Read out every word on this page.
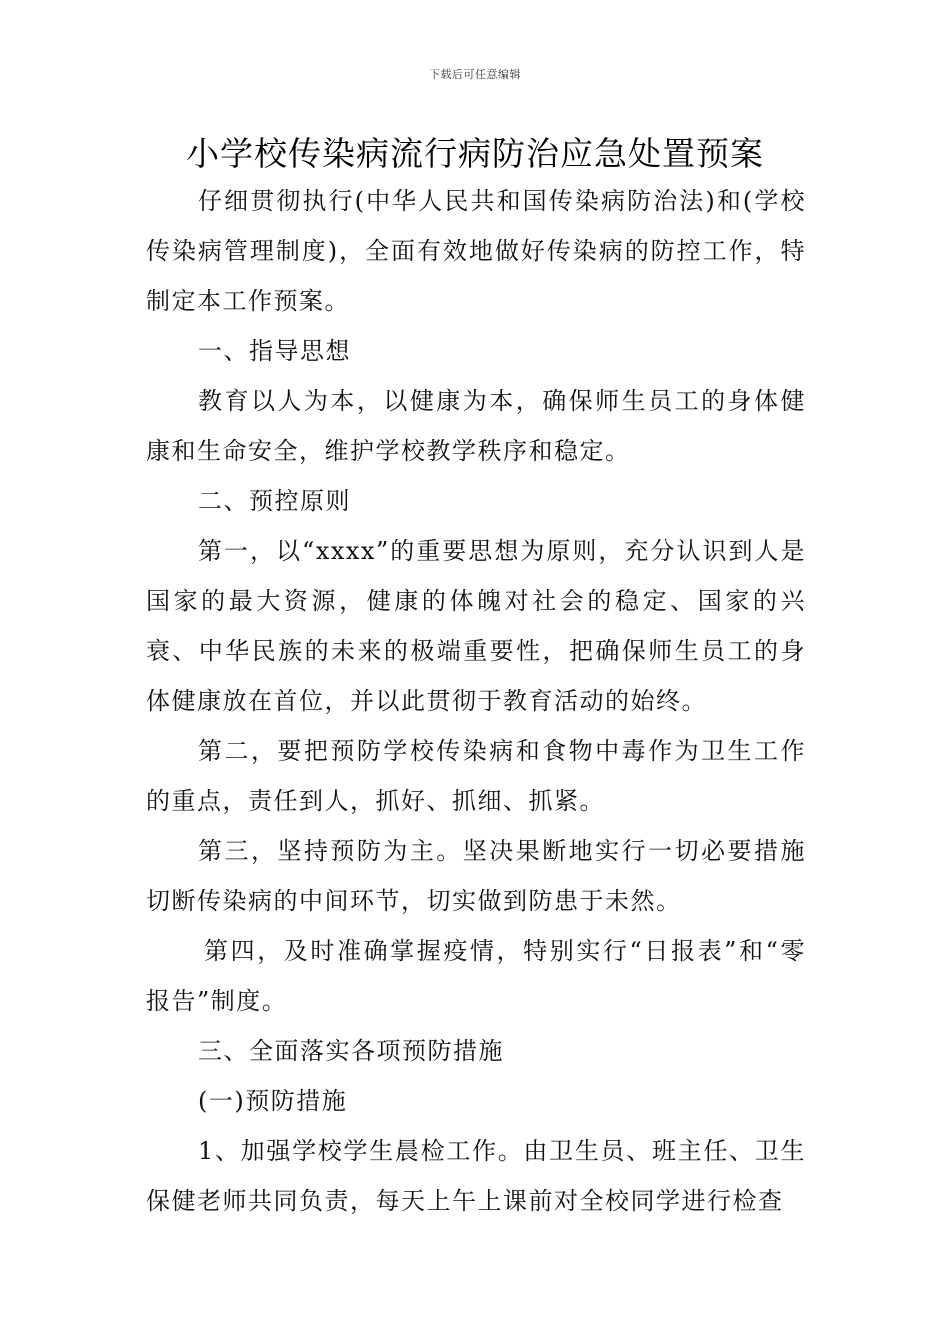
下载后可任意编辑
小学校传染病流行病防治应急处置预案

仔细贯彻执行(中华人民共和国传染病防治法)和(学校传染病管理制度)，全面有效地做好传染病的防控工作，特制定本工作预案。

一、指导思想

教育以人为本，以健康为本，确保师生员工的身体健康和生命安全，维护学校教学秩序和稳定。

二、预控原则

第一，以“xxxx”的重要思想为原则，充分认识到人是国家的最大资源，健康的体魄对社会的稳定、国家的兴衰、中华民族的未来的极端重要性，把确保师生员工的身体健康放在首位，并以此贯彻于教育活动的始终。

第二，要把预防学校传染病和食物中毒作为卫生工作的重点，责任到人，抓好、抓细、抓紧。

第三，坚持预防为主。坚决果断地实行一切必要措施切断传染病的中间环节，切实做到防患于未然。

第四，及时准确掌握疫情，特别实行“日报表”和“零报告”制度。

三、全面落实各项预防措施

(一)预防措施

1、加强学校学生晨检工作。由卫生员、班主任、卫生保健老师共同负责，每天上午上课前对全校同学进行检查
